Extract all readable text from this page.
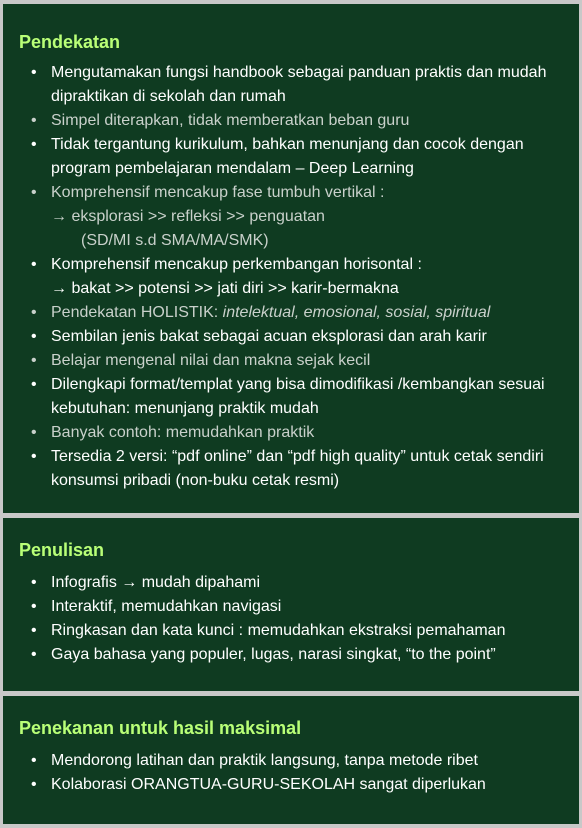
Pendekatan
• Mengutamakan fungsi handbook sebagai panduan praktis dan mudah dipraktikan di sekolah dan rumah
• Simpel diterapkan, tidak memberatkan beban guru
• Tidak tergantung kurikulum, bahkan menunjang dan cocok dengan program pembelajaran mendalam – Deep Learning
• Komprehensif mencakup fase tumbuh vertikal :
→ eksplorasi >> refleksi >> penguatan
(SD/MI s.d SMA/MA/SMK)
• Komprehensif mencakup perkembangan horisontal :
→ bakat >> potensi >> jati diri >> karir-bermakna
• Pendekatan HOLISTIK: intelektual, emosional, sosial, spiritual
• Sembilan jenis bakat sebagai acuan eksplorasi dan arah karir
• Belajar mengenal nilai dan makna sejak kecil
• Dilengkapi format/templat yang bisa dimodifikasi /kembangkan sesuai kebutuhan: menunjang praktik mudah
• Banyak contoh: memudahkan praktik
• Tersedia 2 versi: “pdf online” dan “pdf high quality” untuk cetak sendiri konsumsi pribadi (non-buku cetak resmi)
Penulisan
• Infografis → mudah dipahami
• Interaktif, memudahkan navigasi
• Ringkasan dan kata kunci : memudahkan ekstraksi pemahaman
• Gaya bahasa yang populer, lugas, narasi singkat, “to the point”
Penekanan untuk hasil maksimal
• Mendorong latihan dan praktik langsung, tanpa metode ribet
• Kolaborasi ORANGTUA-GURU-SEKOLAH sangat diperlukan
